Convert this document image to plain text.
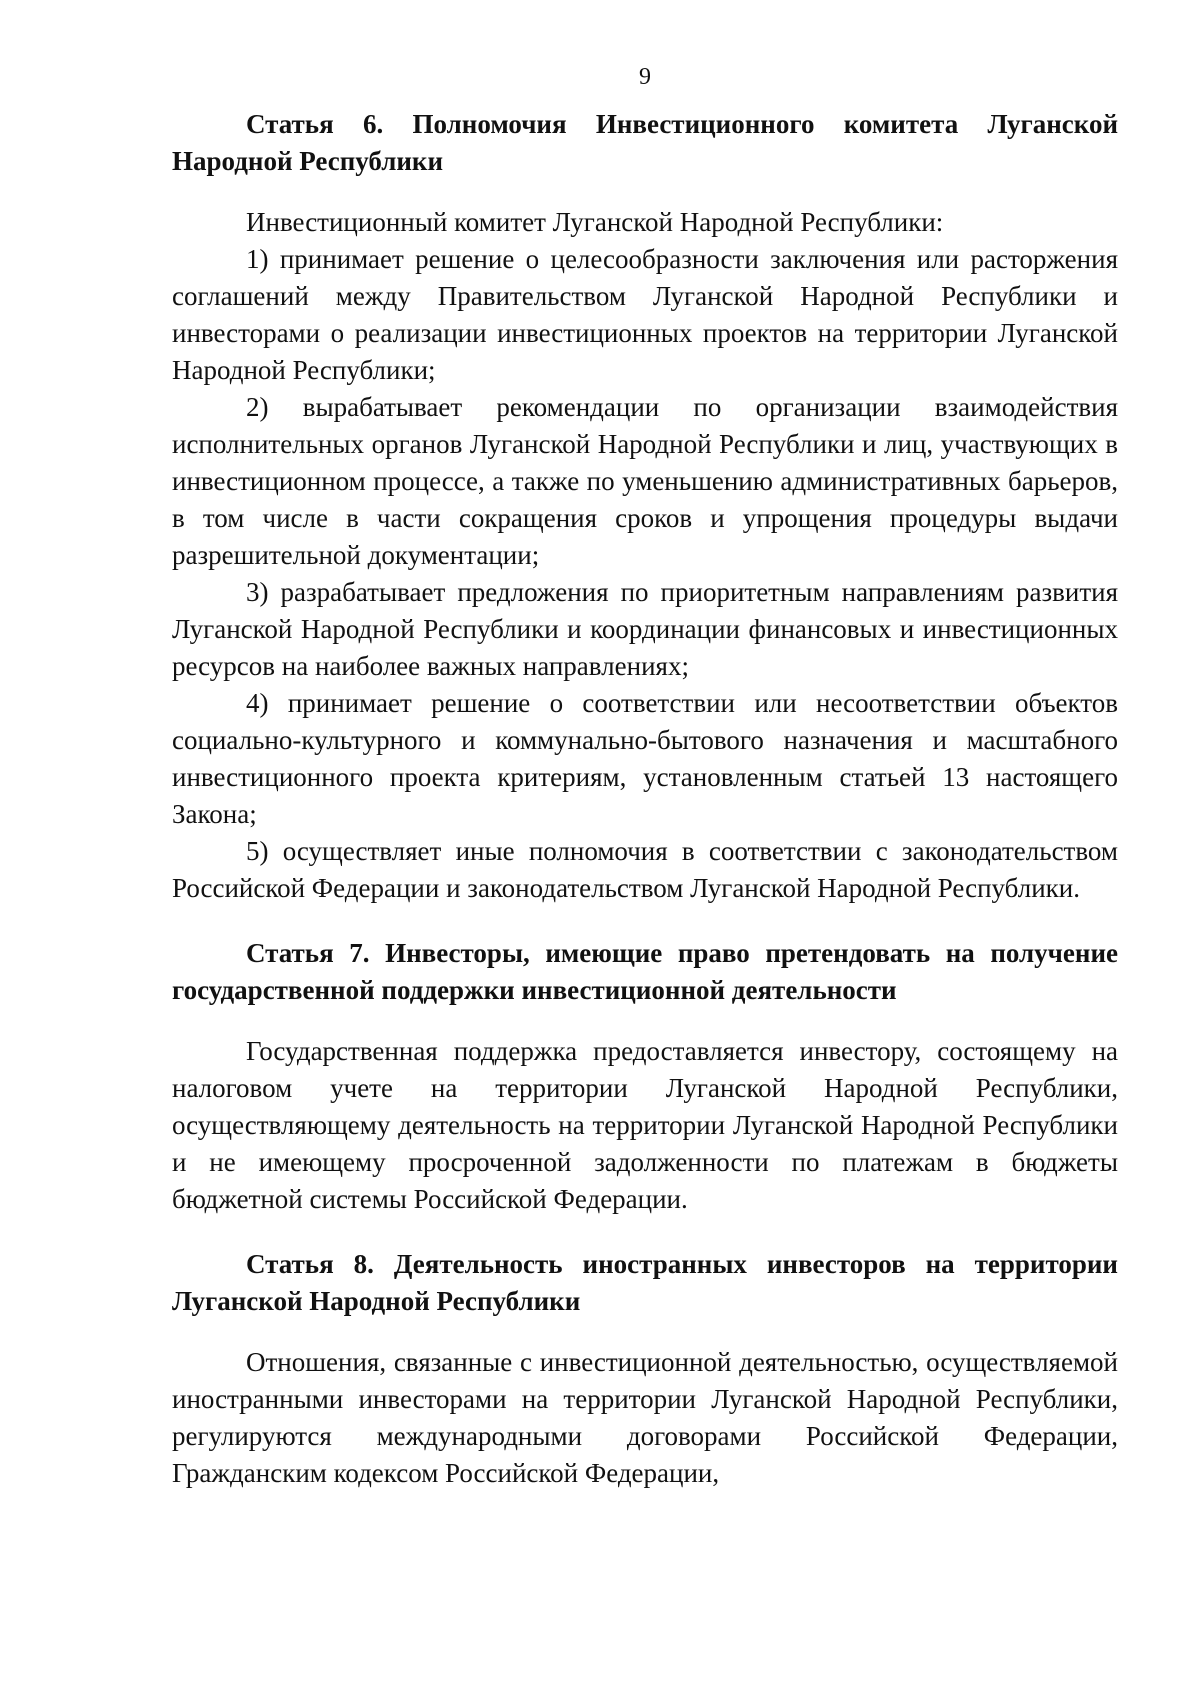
9

Статья 6. Полномочия Инвестиционного комитета Луганской Народной Республики

Инвестиционный комитет Луганской Народной Республики:

1) принимает решение о целесообразности заключения или расторжения соглашений между Правительством Луганской Народной Республики и инвесторами о реализации инвестиционных проектов на территории Луганской Народной Республики;

2) вырабатывает рекомендации по организации взаимодействия исполнительных органов Луганской Народной Республики и лиц, участвующих в инвестиционном процессе, а также по уменьшению административных барьеров, в том числе в части сокращения сроков и упрощения процедуры выдачи разрешительной документации;

3) разрабатывает предложения по приоритетным направлениям развития Луганской Народной Республики и координации финансовых и инвестиционных ресурсов на наиболее важных направлениях;

4) принимает решение о соответствии или несоответствии объектов социально-культурного и коммунально-бытового назначения и масштабного инвестиционного проекта критериям, установленным статьей 13 настоящего Закона;

5) осуществляет иные полномочия в соответствии с законодательством Российской Федерации и законодательством Луганской Народной Республики.

Статья 7. Инвесторы, имеющие право претендовать на получение государственной поддержки инвестиционной деятельности

Государственная поддержка предоставляется инвестору, состоящему на налоговом учете на территории Луганской Народной Республики, осуществляющему деятельность на территории Луганской Народной Республики и не имеющему просроченной задолженности по платежам в бюджеты бюджетной системы Российской Федерации.

Статья 8. Деятельность иностранных инвесторов на территории Луганской Народной Республики

Отношения, связанные с инвестиционной деятельностью, осуществляемой иностранными инвесторами на территории Луганской Народной Республики, регулируются международными договорами Российской Федерации, Гражданским кодексом Российской Федерации,
